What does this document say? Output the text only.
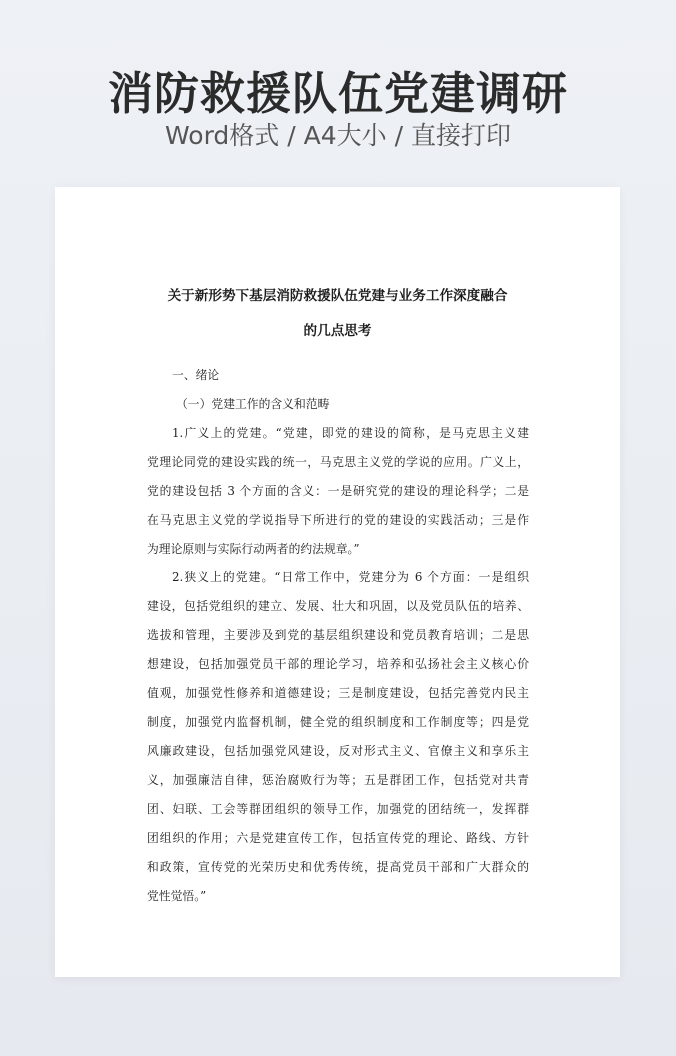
消防救援队伍党建调研
Word格式 / A4大小 / 直接打印
关于新形势下基层消防救援队伍党建与业务工作深度融合
的几点思考
一、绪论
（一）党建工作的含义和范畴
1.广义上的党建。“党建，即党的建设的简称，是马克思主义建
党理论同党的建设实践的统一，马克思主义党的学说的应用。广义上，
党的建设包括 3 个方面的含义：一是研究党的建设的理论科学；二是
在马克思主义党的学说指导下所进行的党的建设的实践活动；三是作
为理论原则与实际行动两者的约法规章。”
2.狭义上的党建。“日常工作中，党建分为 6 个方面：一是组织
建设，包括党组织的建立、发展、壮大和巩固，以及党员队伍的培养、
选拔和管理，主要涉及到党的基层组织建设和党员教育培训；二是思
想建设，包括加强党员干部的理论学习，培养和弘扬社会主义核心价
值观，加强党性修养和道德建设；三是制度建设，包括完善党内民主
制度，加强党内监督机制，健全党的组织制度和工作制度等；四是党
风廉政建设，包括加强党风建设，反对形式主义、官僚主义和享乐主
义，加强廉洁自律，惩治腐败行为等；五是群团工作，包括党对共青
团、妇联、工会等群团组织的领导工作，加强党的团结统一，发挥群
团组织的作用；六是党建宣传工作，包括宣传党的理论、路线、方针
和政策，宣传党的光荣历史和优秀传统，提高党员干部和广大群众的
党性觉悟。”
